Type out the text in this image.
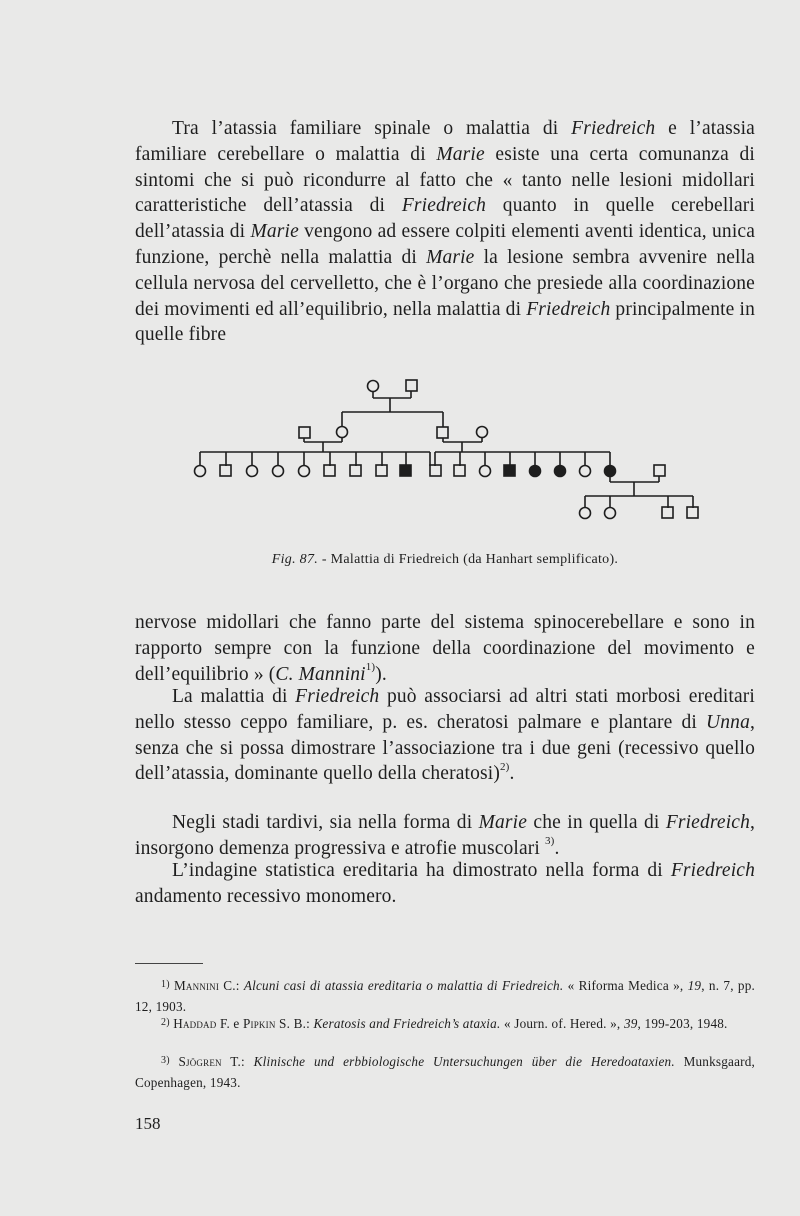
Tra l’atassia familiare spinale o malattia di Friedreich e l’atassia familiare cerebellare o malattia di Marie esiste una certa comunanza di sintomi che si può ricondurre al fatto che « tanto nelle lesioni midollari caratteristiche dell’atassia di Friedreich quanto in quelle cerebellari dell’atassia di Marie vengono ad essere colpiti elementi aventi identica, unica funzione, perchè nella malattia di Marie la lesione sembra avvenire nella cellula nervosa del cervelletto, che è l’organo che presiede alla coordinazione dei movimenti ed all’equilibrio, nella malattia di Friedreich principalmente in quelle fibre

Fig. 87. - Malattia di Friedreich (da Hanhart semplificato).

nervose midollari che fanno parte del sistema spinocerebellare e sono in rapporto sempre con la funzione della coordinazione del movimento e dell’equilibrio » (C. Mannini$^{1)}$).

La malattia di Friedreich può associarsi ad altri stati morbosi ereditari nello stesso ceppo familiare, p. es. cheratosi palmare e plantare di Unna, senza che si possa dimostrare l’associazione tra i due geni (recessivo quello dell’atassia, dominante quello della cheratosi)$^{2)}$.

Negli stadi tardivi, sia nella forma di Marie che in quella di Friedreich, insorgono demenza progressiva e atrofie muscolari $^{3)}$.

L’indagine statistica ereditaria ha dimostrato nella forma di Friedreich andamento recessivo monomero.

$^{1)}$ Mannini C.: Alcuni casi di atassia ereditaria o malattia di Friedreich. « Riforma Medica », 19, n. 7, pp. 12, 1903.

$^{2)}$ Haddad F. e Pipkin S. B.: Keratosis and Friedreich’s ataxia. « Journ. of. Hered. », 39, 199-203, 1948.

$^{3)}$ Sjögren T.: Klinische und erbbiologische Untersuchungen über die Heredoataxien. Munksgaard, Copenhagen, 1943.

158
